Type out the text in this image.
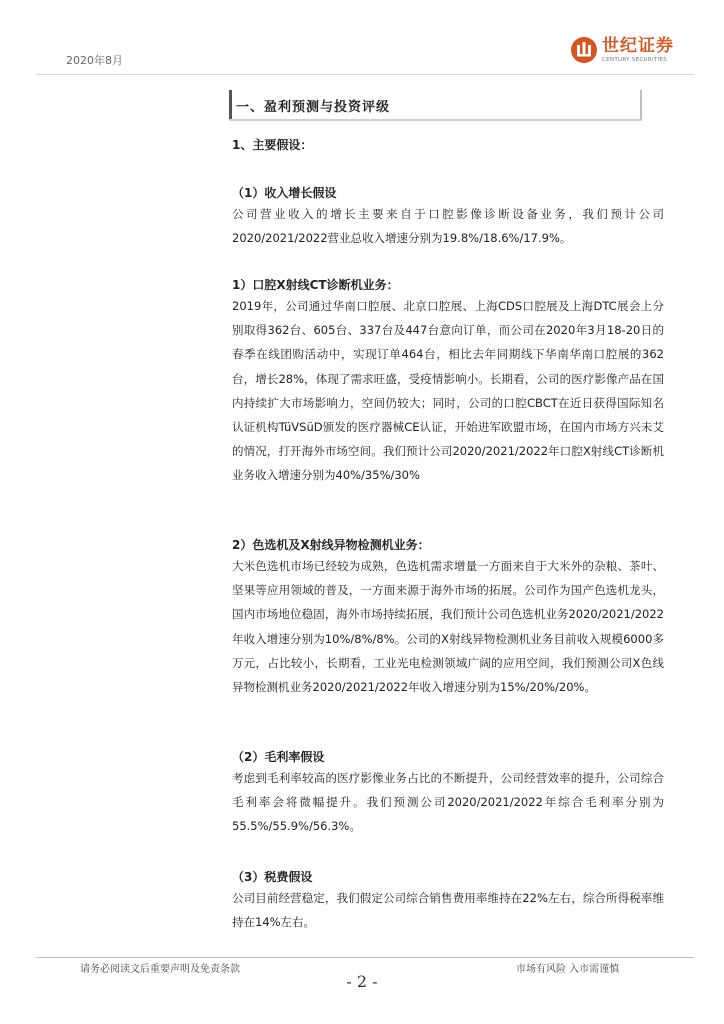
2020年8月
世纪证券
CENTURY SECURITIES
一、盈利预测与投资评级
1、主要假设：
（1）收入增长假设
公司营业收入的增长主要来自于口腔影像诊断设备业务，我们预计公司2020/2021/2022营业总收入增速分别为19.8%/18.6%/17.9%。
1）口腔X射线CT诊断机业务：
2019年，公司通过华南口腔展、北京口腔展、上海CDS口腔展及上海DTC展会上分别取得362台、605台、337台及447台意向订单，而公司在2020年3月18-20日的春季在线团购活动中，实现订单464台，相比去年同期线下华南华南口腔展的362台，增长28%，体现了需求旺盛，受疫情影响小。长期看，公司的医疗影像产品在国内持续扩大市场影响力，空间仍较大；同时，公司的口腔CBCT在近日获得国际知名认证机构TüVSüD颁发的医疗器械CE认证，开始进军欧盟市场，在国内市场方兴未艾的情况，打开海外市场空间。我们预计公司2020/2021/2022年口腔X射线CT诊断机业务收入增速分别为40%/35%/30%
2）色选机及X射线异物检测机业务：
大米色选机市场已经较为成熟，色选机需求增量一方面来自于大米外的杂粮、茶叶、坚果等应用领域的普及，一方面来源于海外市场的拓展。公司作为国产色选机龙头，国内市场地位稳固，海外市场持续拓展，我们预计公司色选机业务2020/2021/2022年收入增速分别为10%/8%/8%。公司的X射线异物检测机业务目前收入规模6000多万元，占比较小，长期看，工业光电检测领域广阔的应用空间，我们预测公司X色线异物检测机业务2020/2021/2022年收入增速分别为15%/20%/20%。
（2）毛利率假设
考虑到毛利率较高的医疗影像业务占比的不断提升，公司经营效率的提升，公司综合毛利率会将微幅提升。我们预测公司2020/2021/2022年综合毛利率分别为55.5%/55.9%/56.3%。
（3）税费假设
公司目前经营稳定，我们假定公司综合销售费用率维持在22%左右，综合所得税率维持在14%左右。
请务必阅读文后重要声明及免责条款	市场有风险 入市需谨慎
- 2 -
